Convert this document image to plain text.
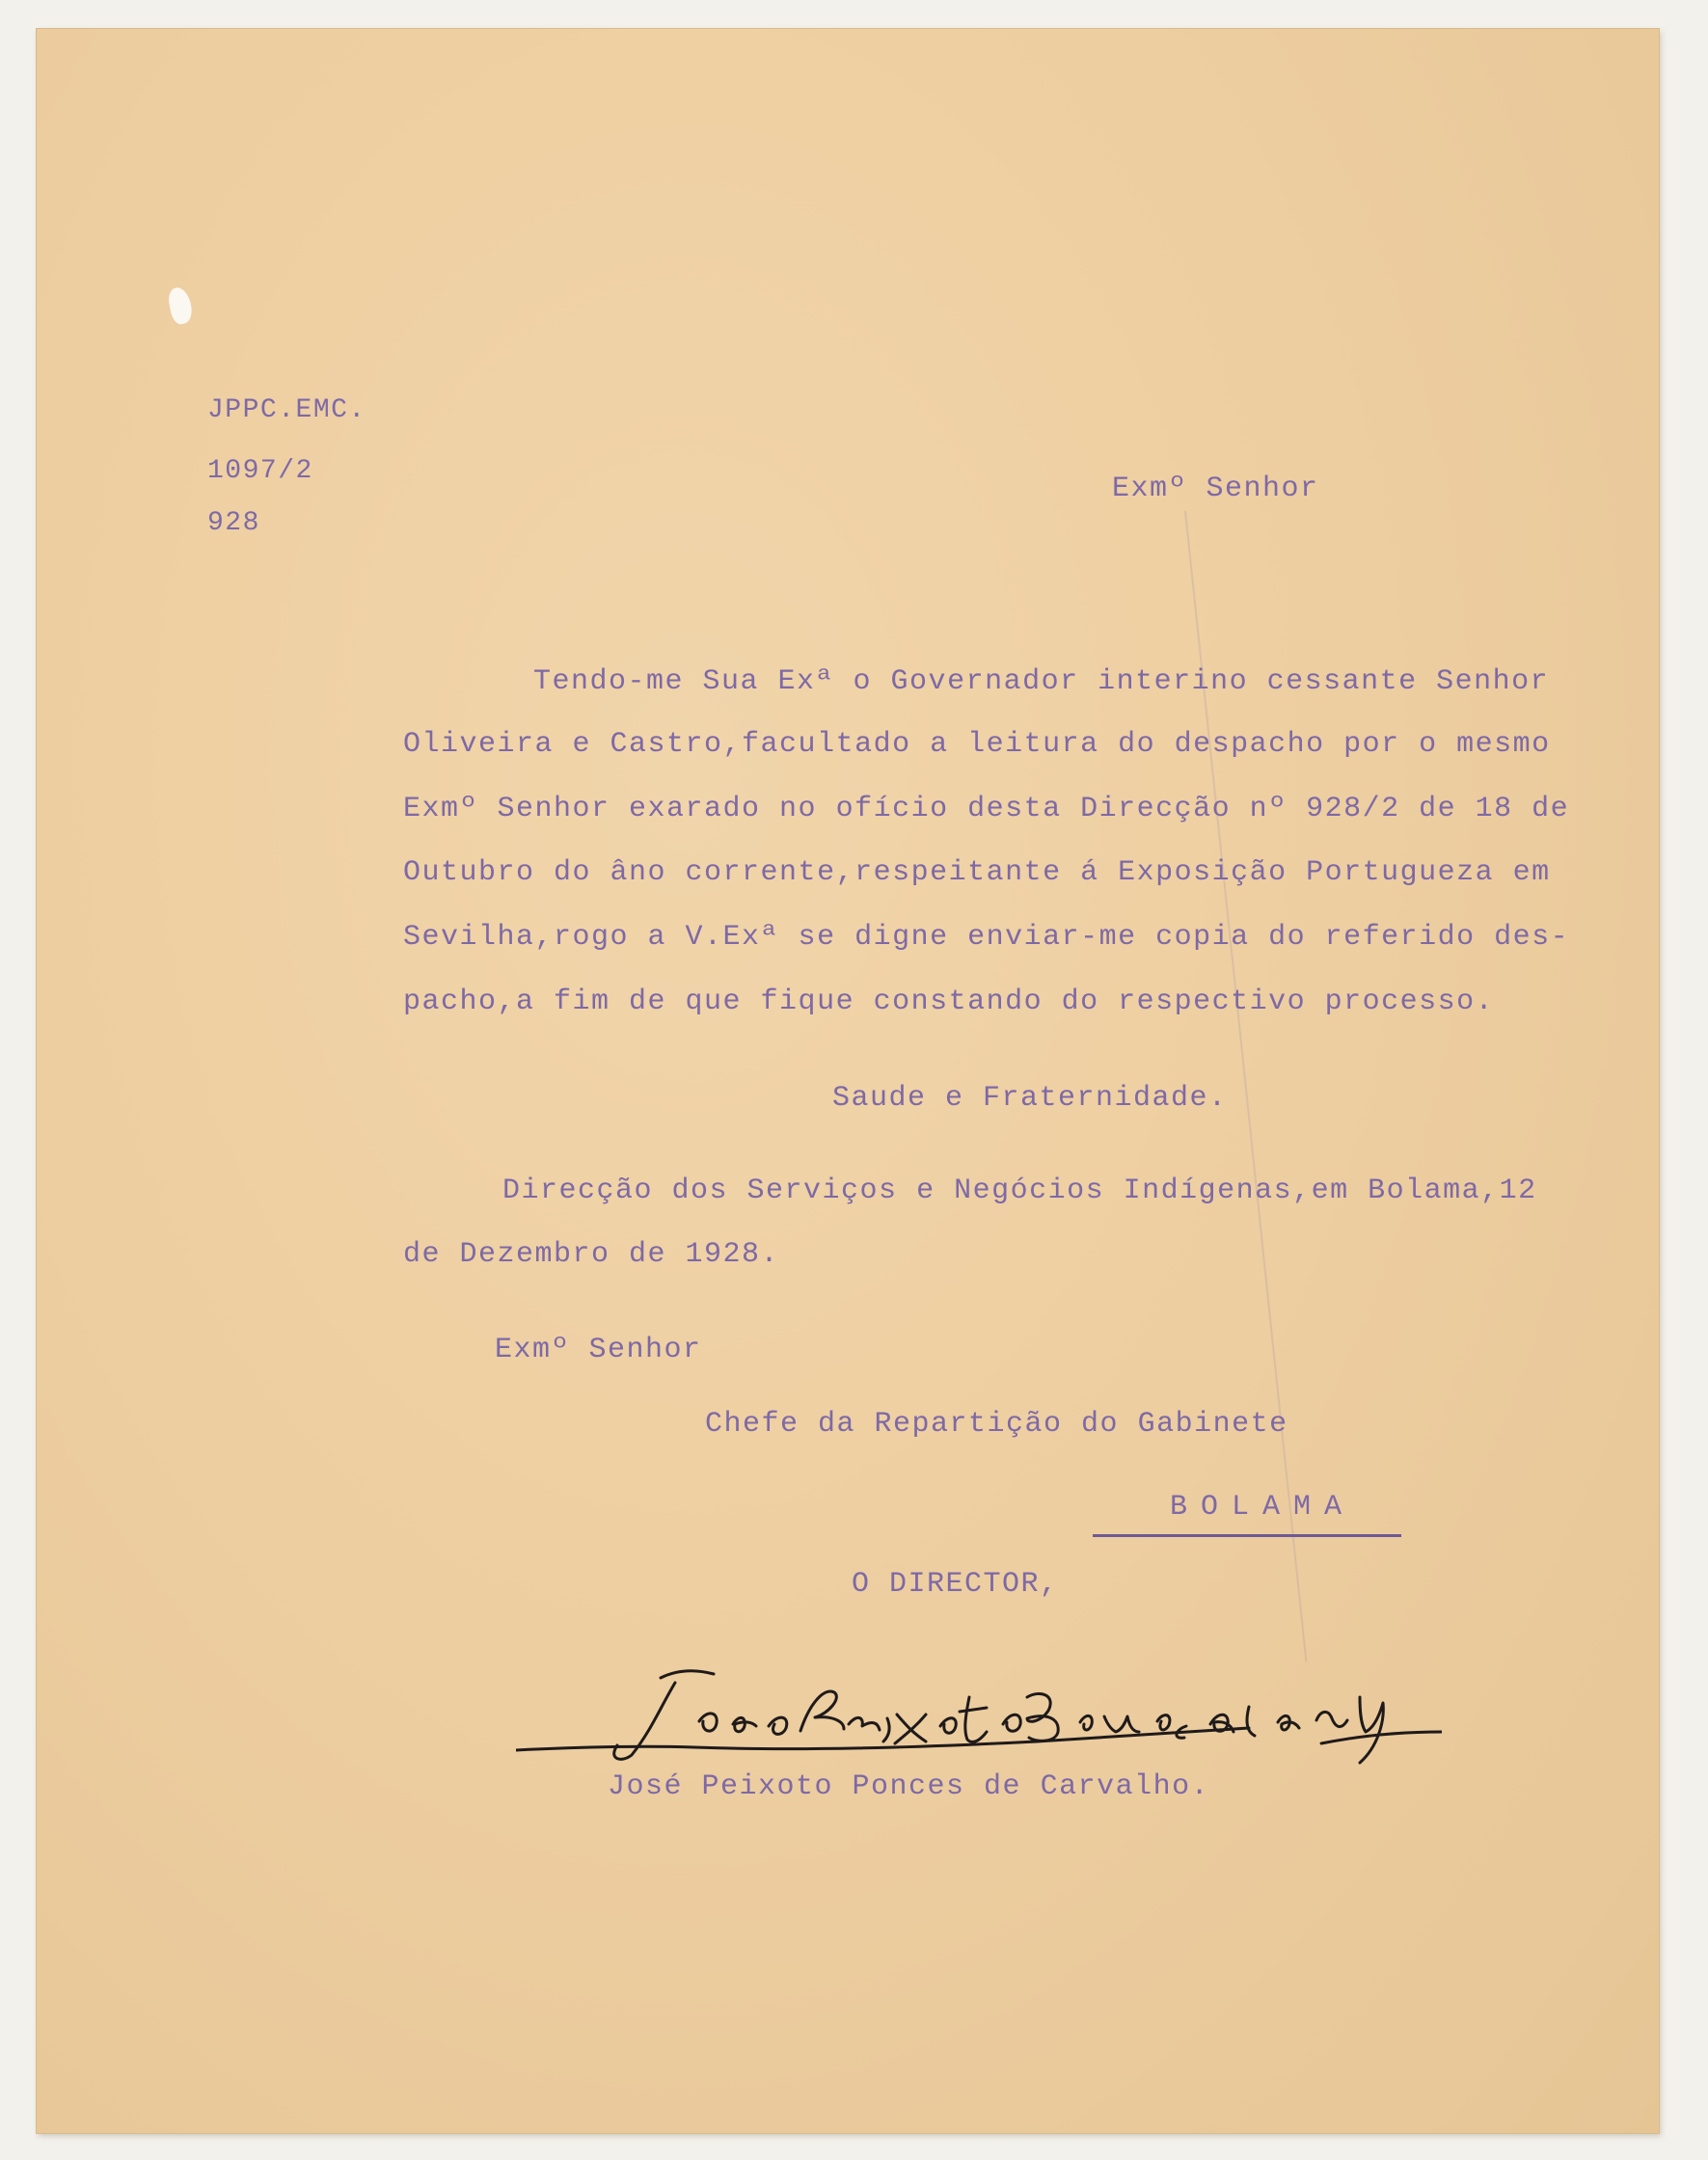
JPPC.EMC.

1097/2

928

Exmº Senhor

Tendo-me Sua Exª o Governador interino cessante Senhor

Oliveira e Castro,facultado a leitura do despacho por o mesmo

Exmº Senhor exarado no ofício desta Direcção nº 928/2 de 18 de

Outubro do âno corrente,respeitante á Exposição Portugueza em

Sevilha,rogo a V.Exª se digne enviar-me copia do referido des-

pacho,a fim de que fique constando do respectivo processo.

Saude e Fraternidade.

Direcção dos Serviços e Negócios Indígenas,em Bolama,12

de Dezembro de 1928.

Exmº Senhor

Chefe da Repartição do Gabinete

BOLAMA

O DIRECTOR,

José Peixoto Ponces de Carvalho.
